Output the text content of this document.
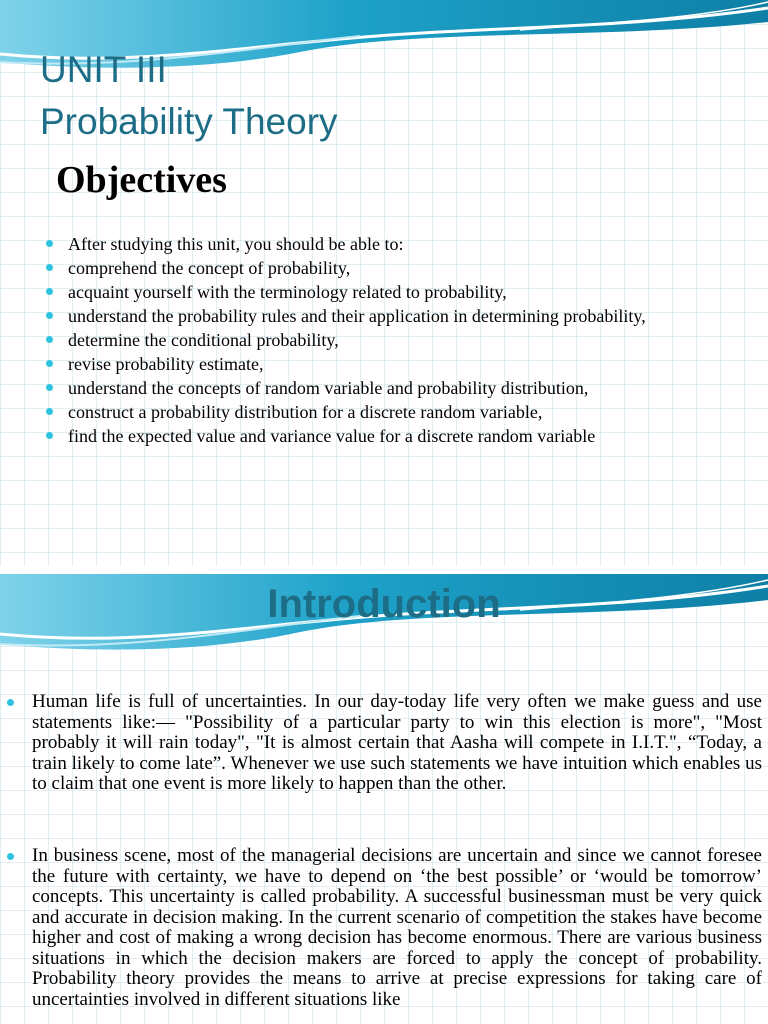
UNIT III
Probability Theory
Objectives
After studying this unit, you should be able to:
comprehend the concept of probability,
acquaint yourself with the terminology related to probability,
understand the probability rules and their application in determining probability,
determine the conditional probability,
revise probability estimate,
understand the concepts of random variable and probability distribution,
construct a probability distribution for a discrete random variable,
find the expected value and variance value for a discrete random variable
Introduction

Human life is full of uncertainties. In our day-today life very often we make guess and use statements like:— "Possibility of a particular party to win this election is more", "Most probably it will rain today", "It is almost certain that Aasha will compete in I.I.T.", “Today, a train likely to come late”. Whenever we use such statements we have intuition which enables us to claim that one event is more likely to happen than the other.

In business scene, most of the managerial decisions are uncertain and since we cannot foresee the future with certainty, we have to depend on ‘the best possible’ or ‘would be tomorrow’ concepts. This uncertainty is called probability. A successful businessman must be very quick and accurate in decision making. In the current scenario of competition the stakes have become higher and cost of making a wrong decision has become enormous. There are various business situations in which the decision makers are forced to apply the concept of probability. Probability theory provides the means to arrive at precise expressions for taking care of uncertainties involved in different situations like
